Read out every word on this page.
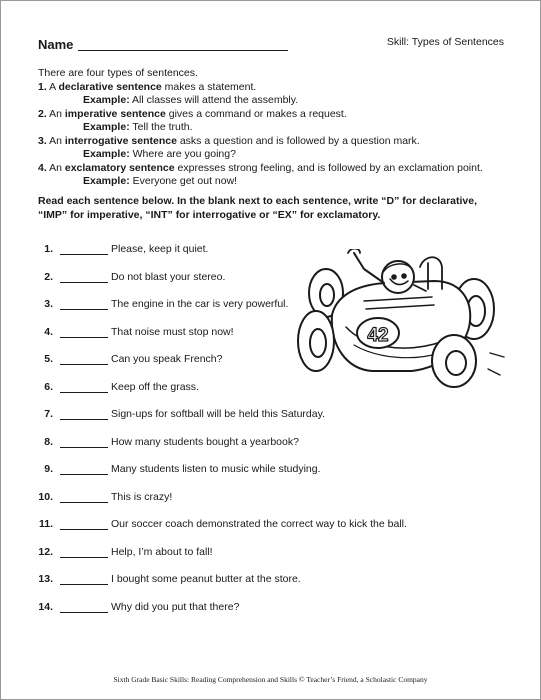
Name	Skill: Types of Sentences

There are four types of sentences.

1. A declarative sentence makes a statement.

Example: All classes will attend the assembly.

2. An imperative sentence gives a command or makes a request.

Example: Tell the truth.

3. An interrogative sentence asks a question and is followed by a question mark.

Example: Where are you going?

4. An exclamatory sentence expresses strong feeling, and is followed by an exclamation point.

Example: Everyone get out now!

Read each sentence below. In the blank next to each sentence, write “D” for declarative,
“IMP” for imperative, “INT” for interrogative or “EX” for exclamatory.
1.	Please, keep it quiet.
2.	Do not blast your stereo.
3.	The engine in the car is very powerful.
4.	That noise must stop now!
5.	Can you speak French?
6.	Keep off the grass.
7.	Sign-ups for softball will be held this Saturday.
8.	How many students bought a yearbook?
9.	Many students listen to music while studying.
10.	This is crazy!
11.	Our soccer coach demonstrated the correct way to kick the ball.
12.	Help, I’m about to fall!
13.	I bought some peanut butter at the store.
14.	Why did you put that there?
42
Sixth Grade Basic Skills: Reading Comprehension and Skills © Teacher’s Friend, a Scholastic Company
